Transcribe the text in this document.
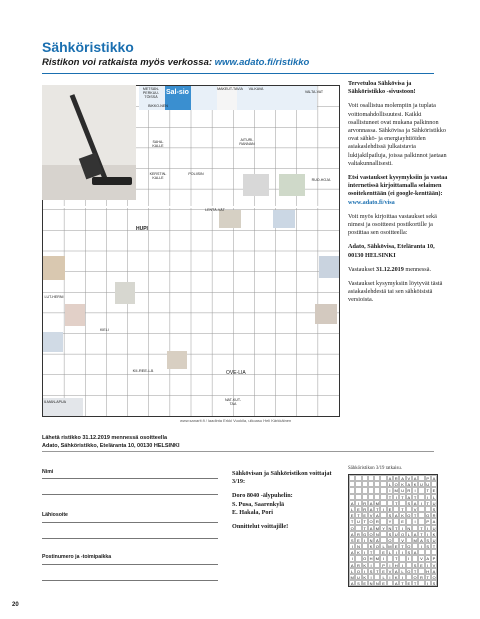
Sähköristikko
Ristikon voi ratkaista myös verkossa: www.adato.fi/ristikko
METSÄN-PERKUU-TÖISSÄ
Sal-sio	MAKEUT-TAVIA	VA-KAVA
VALTA-VAT
BIKKO-NEN
SAHA-KALLE
KERSTIN-KALLE
POLIISIN
AITURI-RANNAN
RUO-HOJA
LENTÄ-VÄT
HUPI
LUT-HERNI
KIELI
OVE-LIA
KII-REE-LÄ
NAT-KUT-TAA
ILMAN-APUA
www.sanarit.fi / laadinta Erkki Vuokila, ulkoasu Heli Kärkkäinen

Tervetuloa Sähkövisa ja Sähköristikko -sivustoon!

Voit osallistua molempiin ja tuplata voittomahdollisuutesi. Kaikki osallistuneet ovat mukana palkinnon arvonnassa. Sähkövisa ja Sähköristikko ovat sähkö- ja energiayhtiöiden asiakaslehdissä julkaistavia lukijakilpailuja, joissa palkinnot jaetaan valtakunnallisesti.

Etsi vastaukset kysymyksiin ja vastaa internetissä kirjoittamalla selaimen osoitekenttään (ei google-kenttään):
www.adato.fi/visa

Voit myös kirjoittaa vastaukset sekä nimesi ja osoitteesi postikortille ja postittaa sen osoitteella:

Adato, Sähkövisa, Eteläranta 10, 00130 HELSINKI

Vastaukset 31.12.2019 mennessä.

Vastaukset kysymyksiin löytyvät tästä asiakaslehdestä tai sen sähköisistä versioista.

Lähetä ristikko 31.12.2019 mennessä osoitteella
Adato, Sähköristikko, Eteläranta 10, 00130 HELSINKI
Nimi
Lähiosoite
Postinumero ja -toimipaikka

Sähkövisan ja Sähköristikon voittajat 3/19:

Doro 8040 -älypuhelin:
S. Pusa, Saarenkylä
E. Hakala, Pori

Onnittelut voittajille!

Sähköristikon 3/19 ratkaisu.
A R A V A	P A
L O K A K U U
I	M U R	I	T E
T	I	T A T	I	L
A	I	R A M	T	S A	I	T U
L E R A T	I	E	T	V	S
E T E V A	S A K O T	O R
T U T O R	Y	E	I	P A
O	T A M Y N T	I	N	T	I	U
A R G O N	S U O L A T	I	K
S E	I	N Ä	O	V	M A S U
I	N	K O L M E T O	I	S T
A K	I	T	E L	I	I	S A
I	O H M	I	T	I	V A P
A R K	I	P	I	H	I	S E	I	V
L O	I	S T E V A L O T	H A
M U K	I	L	I	K	I	O R T O
A S E N N E	A T E T	I	S
20
